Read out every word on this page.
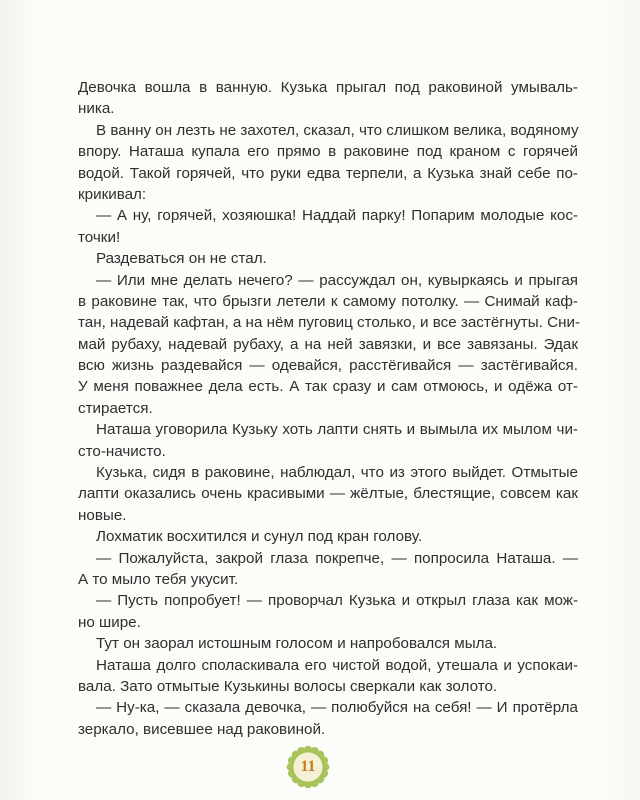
Девочка вошла в ванную. Кузька прыгал под раковиной умываль-
ника.
В ванну он лезть не захотел, сказал, что слишком велика, водяному
впору. Наташа купала его прямо в раковине под краном с горячей
водой. Такой горячей, что руки едва терпели, а Кузька знай себе по-
крикивал:
— А ну, горячей, хозяюшка! Наддай парку! Попарим молодые кос-
точки!
Раздеваться он не стал.
— Или мне делать нечего? — рассуждал он, кувыркаясь и прыгая
в раковине так, что брызги летели к самому потолку. — Снимай каф-
тан, надевай кафтан, а на нём пуговиц столько, и все застёгнуты. Сни-
май рубаху, надевай рубаху, а на ней завязки, и все завязаны. Эдак
всю жизнь раздевайся — одевайся, расстёгивайся — застёгивайся.
У меня поважнее дела есть. А так сразу и сам отмоюсь, и одёжа от-
стирается.
Наташа уговорила Кузьку хоть лапти снять и вымыла их мылом чи-
сто-начисто.
Кузька, сидя в раковине, наблюдал, что из этого выйдет. Отмытые
лапти оказались очень красивыми — жёлтые, блестящие, совсем как
новые.
Лохматик восхитился и сунул под кран голову.
— Пожалуйста, закрой глаза покрепче, — попросила Наташа. —
А то мыло тебя укусит.
— Пусть попробует! — проворчал Кузька и открыл глаза как мож-
но шире.
Тут он заорал истошным голосом и напробовался мыла.
Наташа долго споласкивала его чистой водой, утешала и успокаи-
вала. Зато отмытые Кузькины волосы сверкали как золото.
— Ну-ка, — сказала девочка, — полюбуйся на себя! — И протёрла
зеркало, висевшее над раковиной.
11
